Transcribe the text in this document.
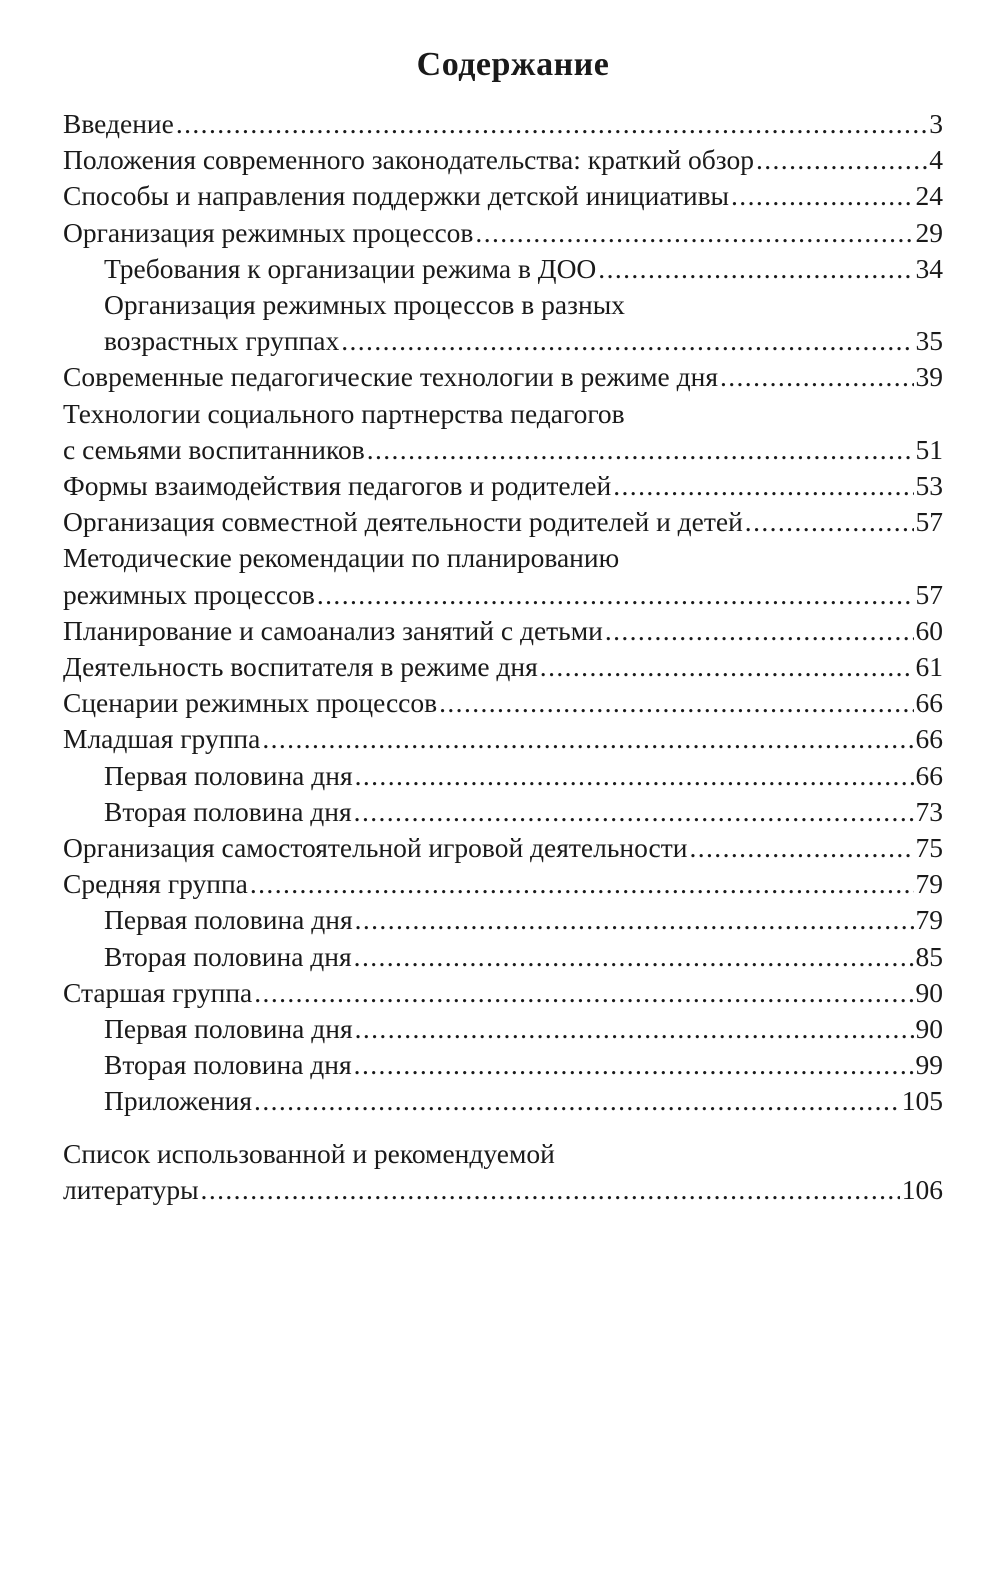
Содержание
Введение .....	3
Положения современного законодательства: краткий обзор .....	4
Способы и направления поддержки детской инициативы .....	24
Организация режимных процессов .....	29
Требования к организации режима в ДОО .....	34
Организация режимных процессов в разных
возрастных группах .....	35
Современные педагогические технологии в режиме дня .....	39
Технологии социального партнерства педагогов
с семьями воспитанников .....	51
Формы взаимодействия педагогов и родителей .....	53
Организация совместной деятельности родителей и детей .....	57
Методические рекомендации по планированию
режимных процессов .....	57
Планирование и самоанализ занятий с детьми .....	60
Деятельность воспитателя в режиме дня .....	61
Сценарии режимных процессов .....	66
Младшая группа .....	66
Первая половина дня .....	66
Вторая половина дня .....	73
Организация самостоятельной игровой деятельности .....	75
Средняя группа .....	79
Первая половина дня .....	79
Вторая половина дня .....	85
Старшая группа .....	90
Первая половина дня .....	90
Вторая половина дня .....	99
Приложения .....	105
Список использованной и рекомендуемой
литературы .....	106
